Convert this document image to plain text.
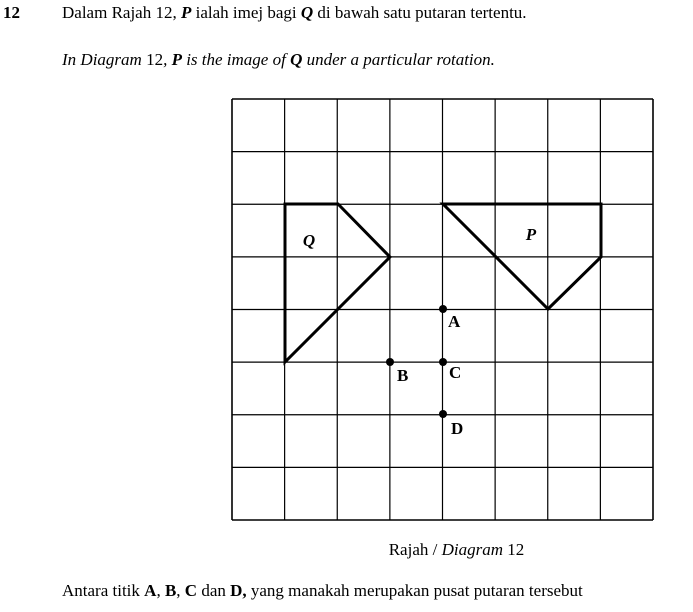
12 Dalam Rajah 12, P ialah imej bagi Q di bawah satu putaran tertentu.
In Diagram 12, P is the image of Q under a particular rotation.
Q	P
A
B C
D
Rajah / Diagram 12
Antara titik A, B, C dan D, yang manakah merupakan pusat putaran tersebut
